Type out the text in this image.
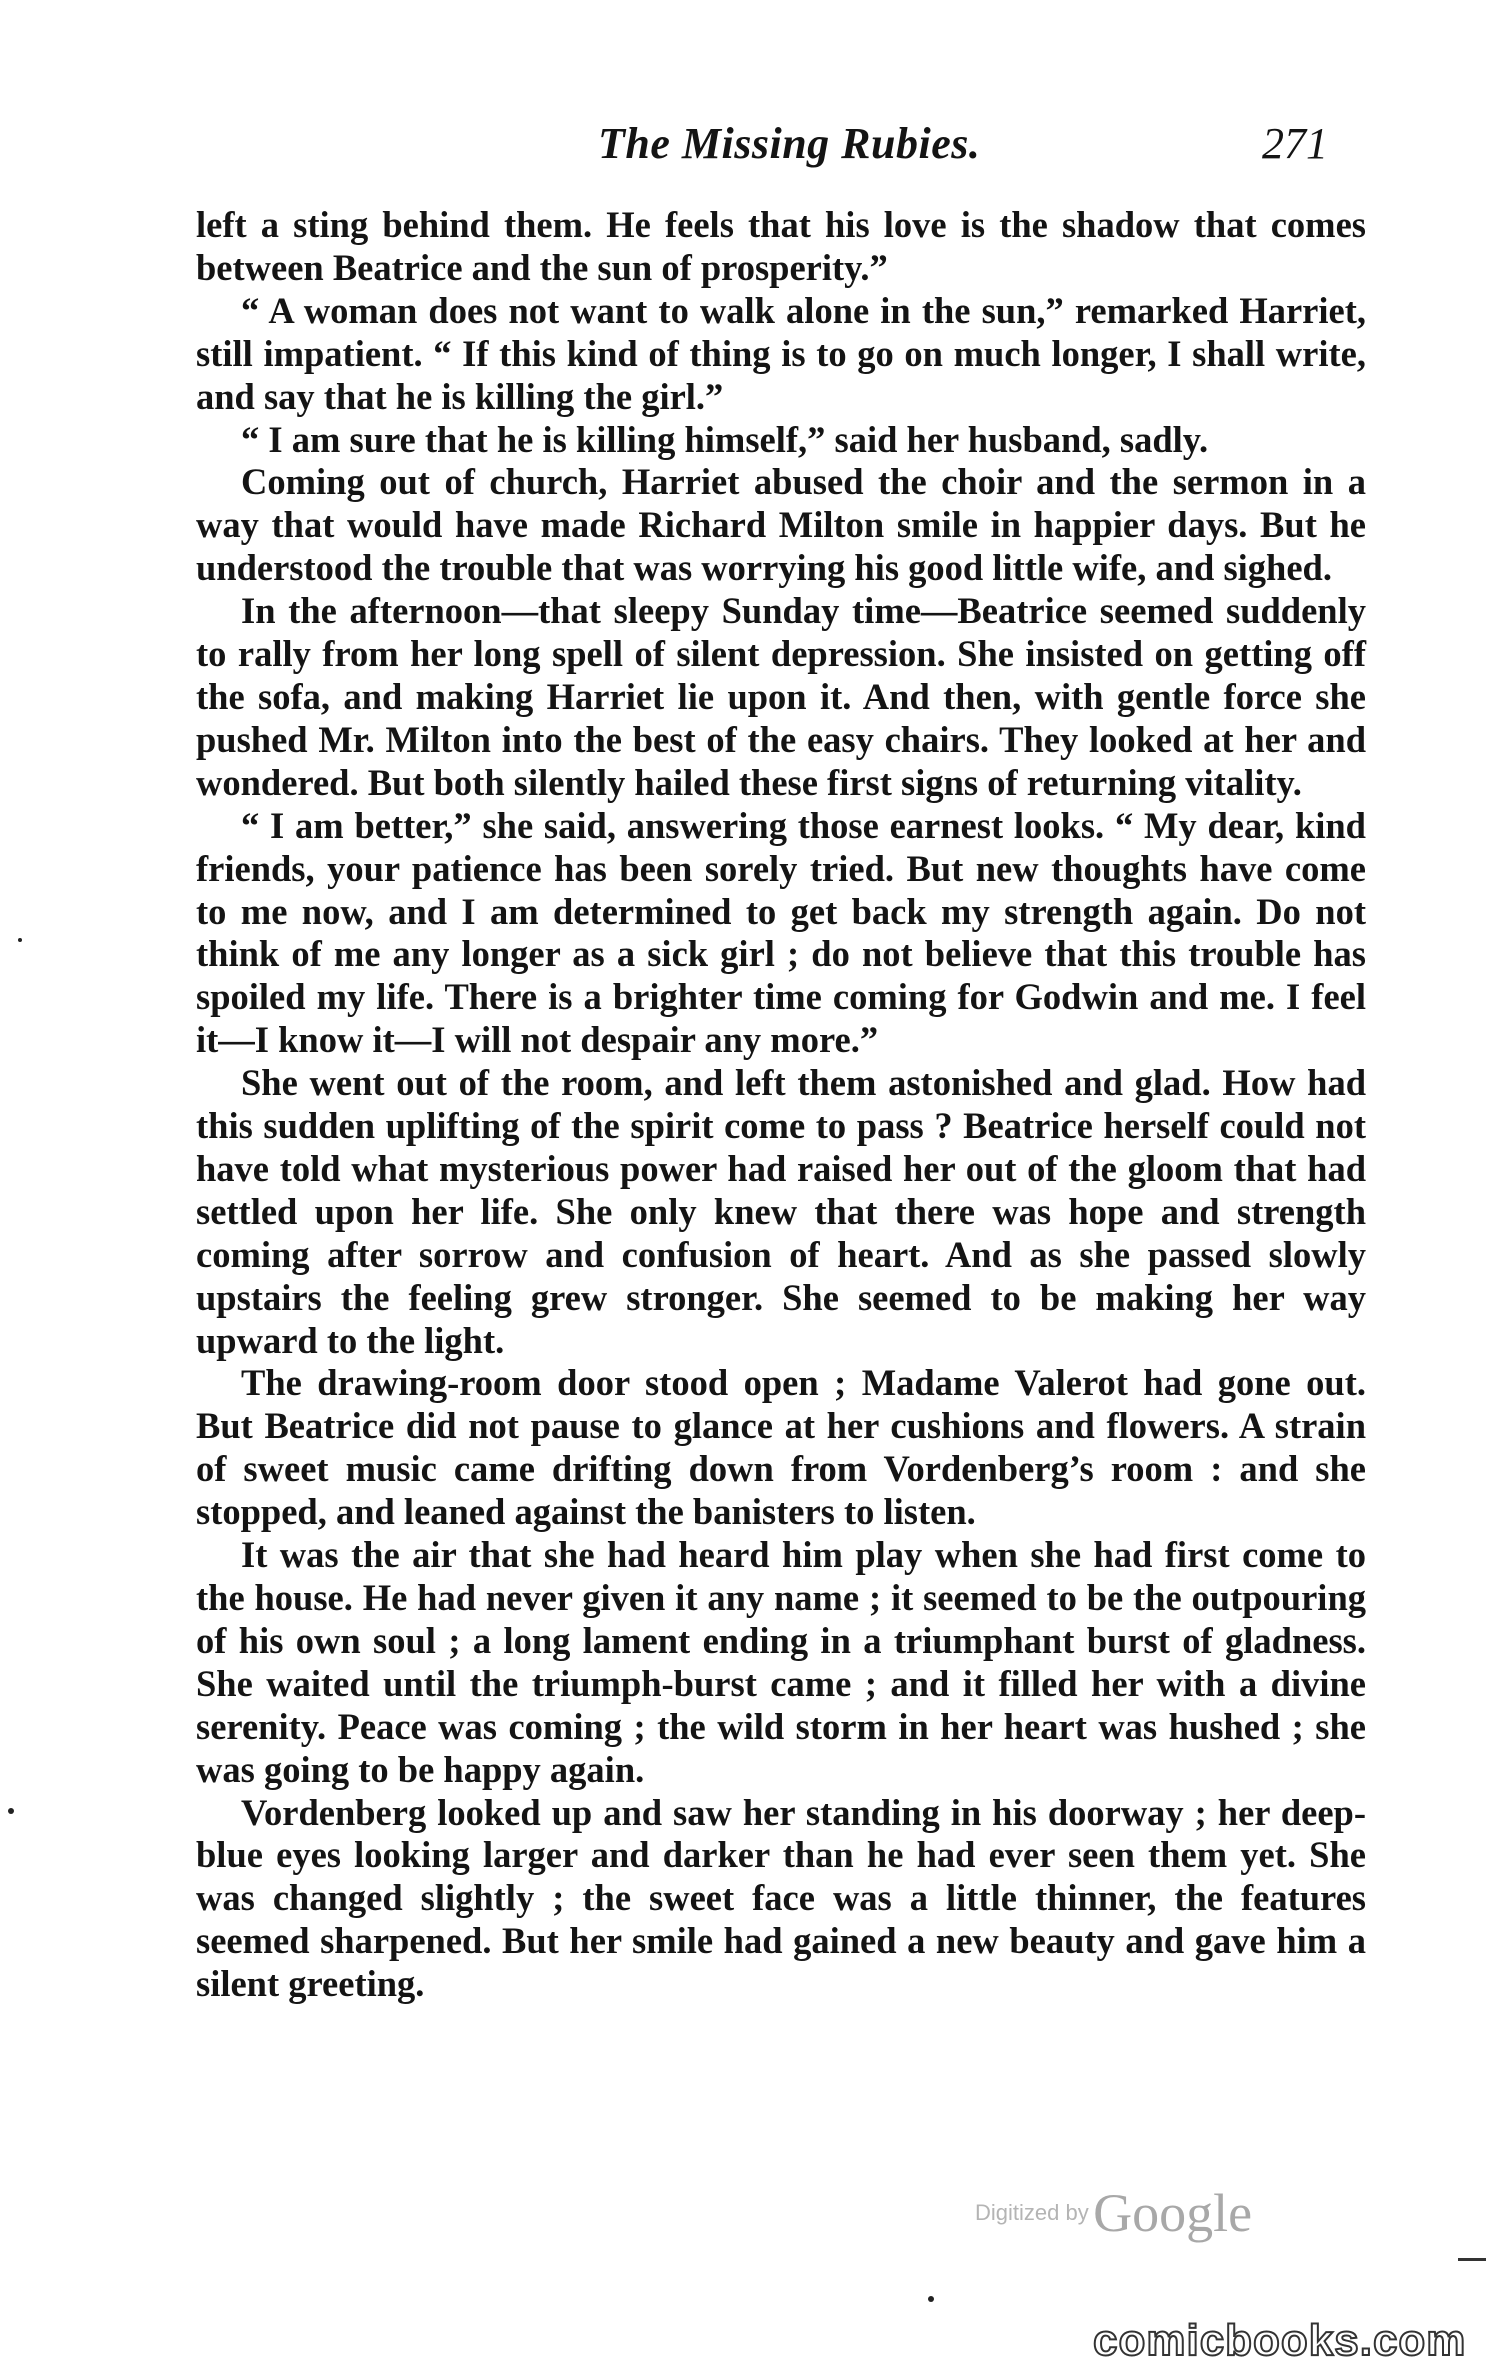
The Missing Rubies.	271

left a sting behind them. He feels that his love is the shadow that comes between Beatrice and the sun of prosperity.”

“ A woman does not want to walk alone in the sun,” remarked Harriet, still impatient. “ If this kind of thing is to go on much longer, I shall write, and say that he is killing the girl.”

“ I am sure that he is killing himself,” said her husband, sadly.

Coming out of church, Harriet abused the choir and the sermon in a way that would have made Richard Milton smile in happier days. But he understood the trouble that was worrying his good little wife, and sighed.

In the afternoon—that sleepy Sunday time—Beatrice seemed suddenly to rally from her long spell of silent depression. She insisted on getting off the sofa, and making Harriet lie upon it. And then, with gentle force she pushed Mr. Milton into the best of the easy chairs. They looked at her and wondered. But both silently hailed these first signs of returning vitality.

“ I am better,” she said, answering those earnest looks. “ My dear, kind friends, your patience has been sorely tried. But new thoughts have come to me now, and I am determined to get back my strength again. Do not think of me any longer as a sick girl ; do not believe that this trouble has spoiled my life. There is a brighter time coming for Godwin and me. I feel it—I know it—I will not despair any more.”

She went out of the room, and left them astonished and glad. How had this sudden uplifting of the spirit come to pass ? Beatrice herself could not have told what mysterious power had raised her out of the gloom that had settled upon her life. She only knew that there was hope and strength coming after sorrow and confusion of heart. And as she passed slowly upstairs the feeling grew stronger. She seemed to be making her way upward to the light.

The drawing-room door stood open ; Madame Valerot had gone out. But Beatrice did not pause to glance at her cushions and flowers. A strain of sweet music came drifting down from Vordenberg’s room : and she stopped, and leaned against the banisters to listen.

It was the air that she had heard him play when she had first come to the house. He had never given it any name ; it seemed to be the outpouring of his own soul ; a long lament ending in a triumphant burst of gladness. She waited until the triumph-burst came ; and it filled her with a divine serenity. Peace was coming ; the wild storm in her heart was hushed ; she was going to be happy again.

Vordenberg looked up and saw her standing in his doorway ; her deep-blue eyes looking larger and darker than he had ever seen them yet. She was changed slightly ; the sweet face was a little thinner, the features seemed sharpened. But her smile had gained a new beauty and gave him a silent greeting.

Digitized by Google
comicbooks.com
